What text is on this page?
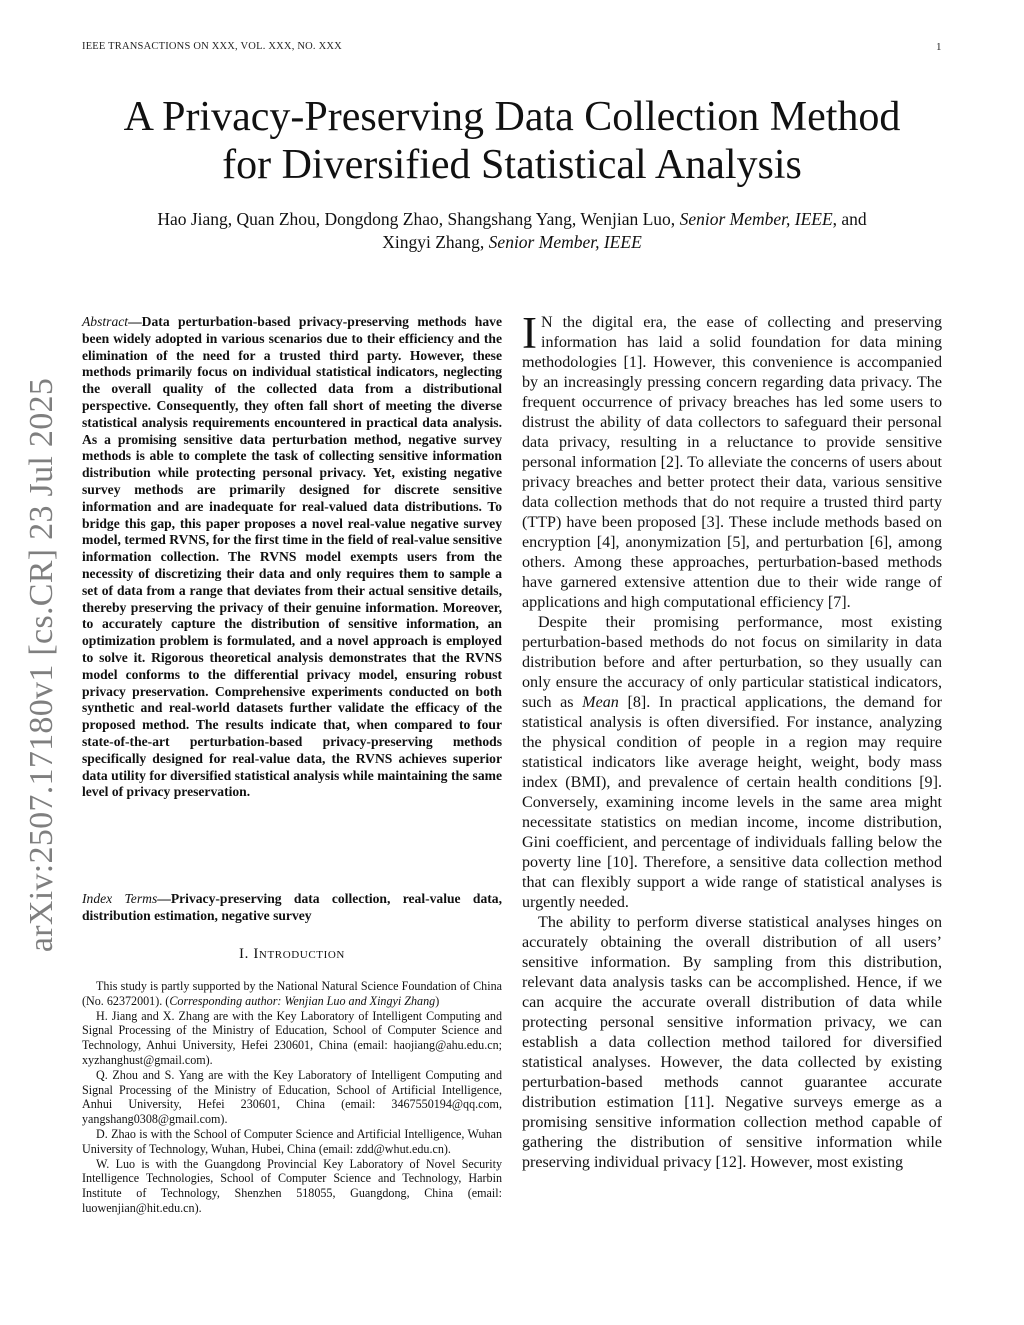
IEEE TRANSACTIONS ON XXX, VOL. XXX, NO. XXX	1
arXiv:2507.17180v1 [cs.CR] 23 Jul 2025
A Privacy-Preserving Data Collection Method
for Diversified Statistical Analysis
Hao Jiang, Quan Zhou, Dongdong Zhao, Shangshang Yang, Wenjian Luo, Senior Member, IEEE, and
Xingyi Zhang, Senior Member, IEEE

Abstract—Data perturbation-based privacy-preserving methods have been widely adopted in various scenarios due to their efficiency and the elimination of the need for a trusted third party. However, these methods primarily focus on individual statistical indicators, neglecting the overall quality of the collected data from a distributional perspective. Consequently, they often fall short of meeting the diverse statistical analysis requirements encountered in practical data analysis. As a promising sensitive data perturbation method, negative survey methods is able to complete the task of collecting sensitive information distribution while protecting personal privacy. Yet, existing negative survey methods are primarily designed for discrete sensitive information and are inadequate for real-valued data distributions. To bridge this gap, this paper proposes a novel real-value negative survey model, termed RVNS, for the first time in the field of real-value sensitive information collection. The RVNS model exempts users from the necessity of discretizing their data and only requires them to sample a set of data from a range that deviates from their actual sensitive details, thereby preserving the privacy of their genuine information. Moreover, to accurately capture the distribution of sensitive information, an optimization problem is formulated, and a novel approach is employed to solve it. Rigorous theoretical analysis demonstrates that the RVNS model conforms to the differential privacy model, ensuring robust privacy preservation. Comprehensive experiments conducted on both synthetic and real-world datasets further validate the efficacy of the proposed method. The results indicate that, when compared to four state-of-the-art perturbation-based privacy-preserving methods specifically designed for real-value data, the RVNS achieves superior data utility for diversified statistical analysis while maintaining the same level of privacy preservation.

Index Terms—Privacy-preserving data collection, real-value data, distribution estimation, negative survey

I. Introduction

This study is partly supported by the National Natural Science Foundation of China (No. 62372001). (Corresponding author: Wenjian Luo and Xingyi Zhang)

H. Jiang and X. Zhang are with the Key Laboratory of Intelligent Computing and Signal Processing of the Ministry of Education, School of Computer Science and Technology, Anhui University, Hefei 230601, China (email: haojiang@ahu.edu.cn; xyzhanghust@gmail.com).

Q. Zhou and S. Yang are with the Key Laboratory of Intelligent Computing and Signal Processing of the Ministry of Education, School of Artificial Intelligence, Anhui University, Hefei 230601, China (email: 3467550194@qq.com, yangshang0308@gmail.com).

D. Zhao is with the School of Computer Science and Artificial Intelligence, Wuhan University of Technology, Wuhan, Hubei, China (email: zdd@whut.edu.cn).

W. Luo is with the Guangdong Provincial Key Laboratory of Novel Security Intelligence Technologies, School of Computer Science and Technology, Harbin Institute of Technology, Shenzhen 518055, Guangdong, China (email: luowenjian@hit.edu.cn).

I N the digital era, the ease of collecting and preserving information has laid a solid foundation for data mining methodologies [1]. However, this convenience is accompanied by an increasingly pressing concern regarding data privacy. The frequent occurrence of privacy breaches has led some users to distrust the ability of data collectors to safeguard their personal data privacy, resulting in a reluctance to provide sensitive personal information [2]. To alleviate the concerns of users about privacy breaches and better protect their data, various sensitive data collection methods that do not require a trusted third party (TTP) have been proposed [3]. These include methods based on encryption [4], anonymization [5], and perturbation [6], among others. Among these approaches, perturbation-based methods have garnered extensive attention due to their wide range of applications and high computational efficiency [7].

Despite their promising performance, most existing perturbation-based methods do not focus on similarity in data distribution before and after perturbation, so they usually can only ensure the accuracy of only particular statistical indicators, such as Mean [8]. In practical applications, the demand for statistical analysis is often diversified. For instance, analyzing the physical condition of people in a region may require statistical indicators like average height, weight, body mass index (BMI), and prevalence of certain health conditions [9]. Conversely, examining income levels in the same area might necessitate statistics on median income, income distribution, Gini coefficient, and percentage of individuals falling below the poverty line [10]. Therefore, a sensitive data collection method that can flexibly support a wide range of statistical analyses is urgently needed.

The ability to perform diverse statistical analyses hinges on accurately obtaining the overall distribution of all users’ sensitive information. By sampling from this distribution, relevant data analysis tasks can be accomplished. Hence, if we can acquire the accurate overall distribution of data while protecting personal sensitive information privacy, we can establish a data collection method tailored for diversified statistical analyses. However, the data collected by existing perturbation-based methods cannot guarantee accurate distribution estimation [11]. Negative surveys emerge as a promising sensitive information collection method capable of gathering the distribution of sensitive information while preserving individual privacy [12]. However, most existing
